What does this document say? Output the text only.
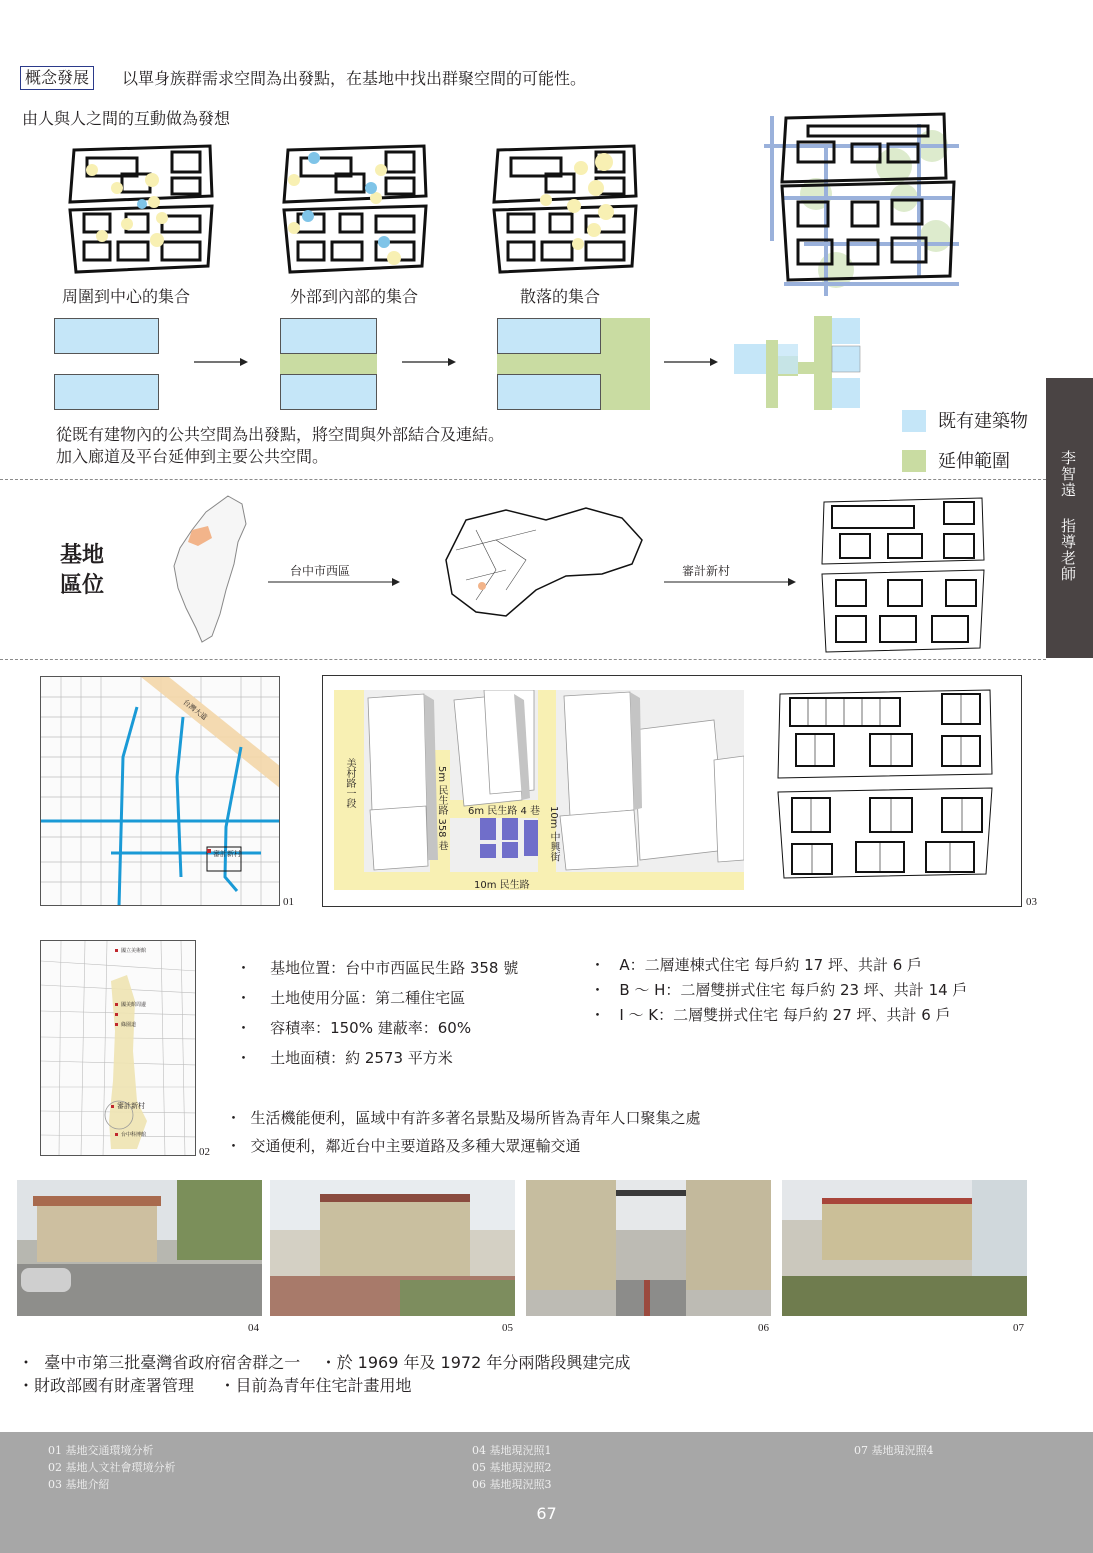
概念發展	以單身族群需求空間為出發點，在基地中找出群聚空間的可能性。
由人與人之間的互動做為發想
周圍到中心的集合	外部到內部的集合	散落的集合
從既有建物內的公共空間為出發點，將空間與外部結合及連結。
加入廊道及平台延伸到主要公共空間。
既有建築物
延伸範圍	李智遠
指導老師
基地
區位
台中市西區	審計新村
台灣大道
審計新村
01
美村路一段	5m 民生路 358 巷 6m 民生路 4 巷 10m 中興街
10m 民生路
03
國立美術館
國美館周邊
綠園道
審計新村
台中科博館
02
・    基地位置：台中市西區民生路 358 號
・    土地使用分區：第二種住宅區
・    容積率：150% 建蔽率：60%
・    土地面積：約 2573 平方米
・   A：二層連棟式住宅 每戶約 17 坪、共計 6 戶
・   B ～ H：二層雙拼式住宅 每戶約 23 坪、共計 14 戶
・   I ～ K：二層雙拼式住宅 每戶約 27 坪、共計 6 戶
・  生活機能便利，區域中有許多著名景點及場所皆為青年人口聚集之處
・  交通便利，鄰近台中主要道路及多種大眾運輸交通
04	05	06	07
・  臺中市第三批臺灣省政府宿舍群之一    ・於 1969 年及 1972 年分兩階段興建完成
・財政部國有財產署管理     ・目前為青年住宅計畫用地
01 基地交通環境分析
02 基地人文社會環境分析
03 基地介紹
04 基地現況照1
05 基地現況照2
06 基地現況照3
07 基地現況照4
67
